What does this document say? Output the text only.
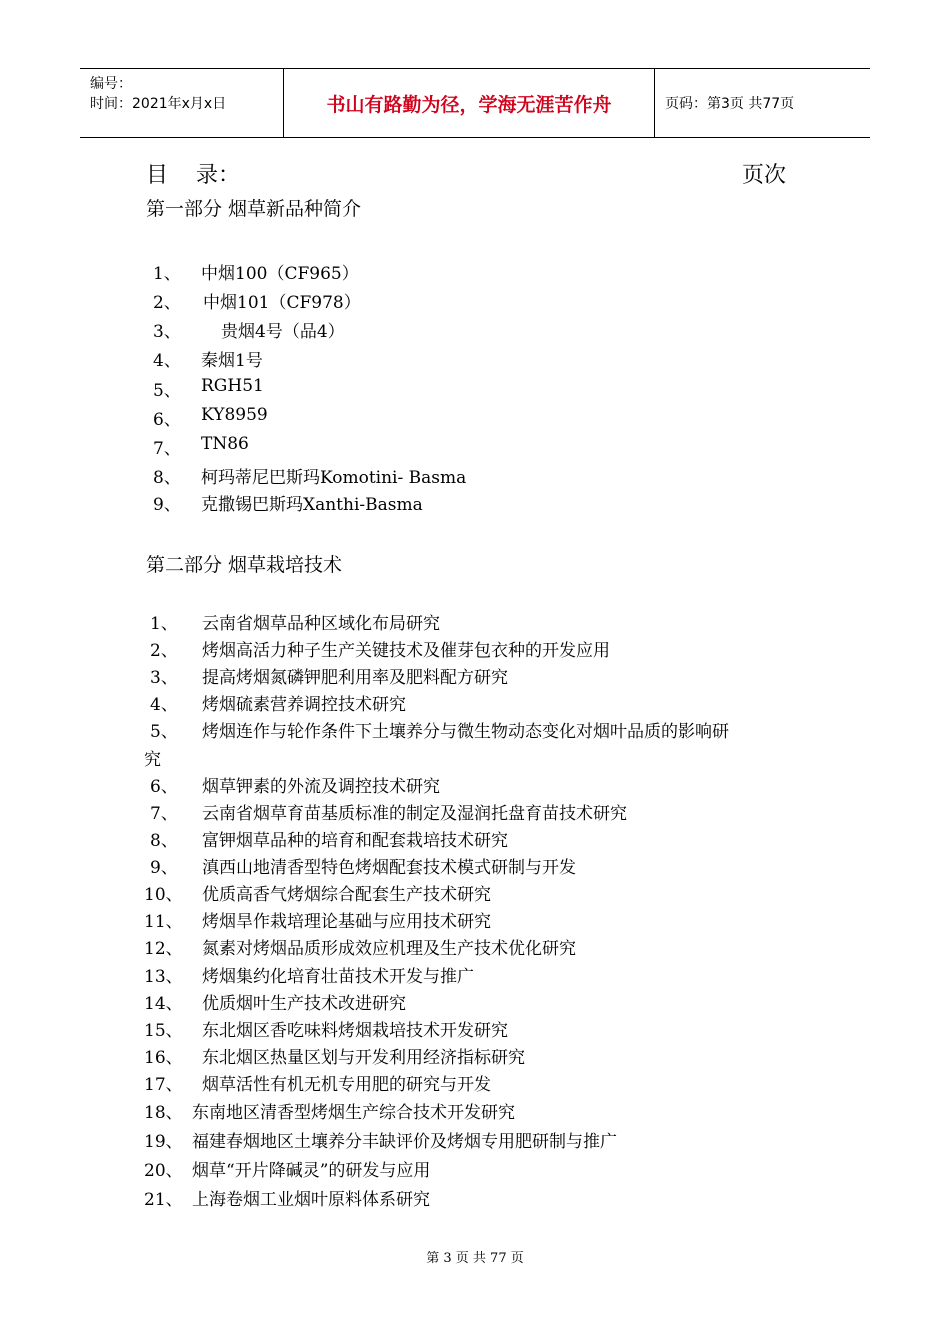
编号：
时间：2021年x月x日	书山有路勤为径，学海无涯苦作舟	页码：第3页 共77页
目    录：	页次
第一部分 烟草新品种简介
1、 中烟100（CF965）
2、 中烟101（CF978）
3、 贵烟4号（品4）
4、 秦烟1号
5、 RGH51
6、 KY8959
7、 TN86
8、 柯玛蒂尼巴斯玛Komotini- Basma
9、 克撒锡巴斯玛Xanthi-Basma
第二部分 烟草栽培技术
1、 云南省烟草品种区域化布局研究
2、 烤烟高活力种子生产关键技术及催芽包衣种的开发应用
3、 提高烤烟氮磷钾肥利用率及肥料配方研究
4、 烤烟硫素营养调控技术研究
5、 烤烟连作与轮作条件下土壤养分与微生物动态变化对烟叶品质的影响研
究
6、 烟草钾素的外流及调控技术研究
7、 云南省烟草育苗基质标准的制定及湿润托盘育苗技术研究
8、 富钾烟草品种的培育和配套栽培技术研究
9、 滇西山地清香型特色烤烟配套技术模式研制与开发
10、 优质高香气烤烟综合配套生产技术研究
11、 烤烟旱作栽培理论基础与应用技术研究
12、 氮素对烤烟品质形成效应机理及生产技术优化研究
13、 烤烟集约化培育壮苗技术开发与推广
14、 优质烟叶生产技术改进研究
15、 东北烟区香吃味料烤烟栽培技术开发研究
16、 东北烟区热量区划与开发利用经济指标研究
17、 烟草活性有机无机专用肥的研究与开发
18、 东南地区清香型烤烟生产综合技术开发研究
19、 福建春烟地区土壤养分丰缺评价及烤烟专用肥研制与推广
20、 烟草“开片降碱灵”的研发与应用
21、 上海卷烟工业烟叶原料体系研究
第 3 页 共 77 页
